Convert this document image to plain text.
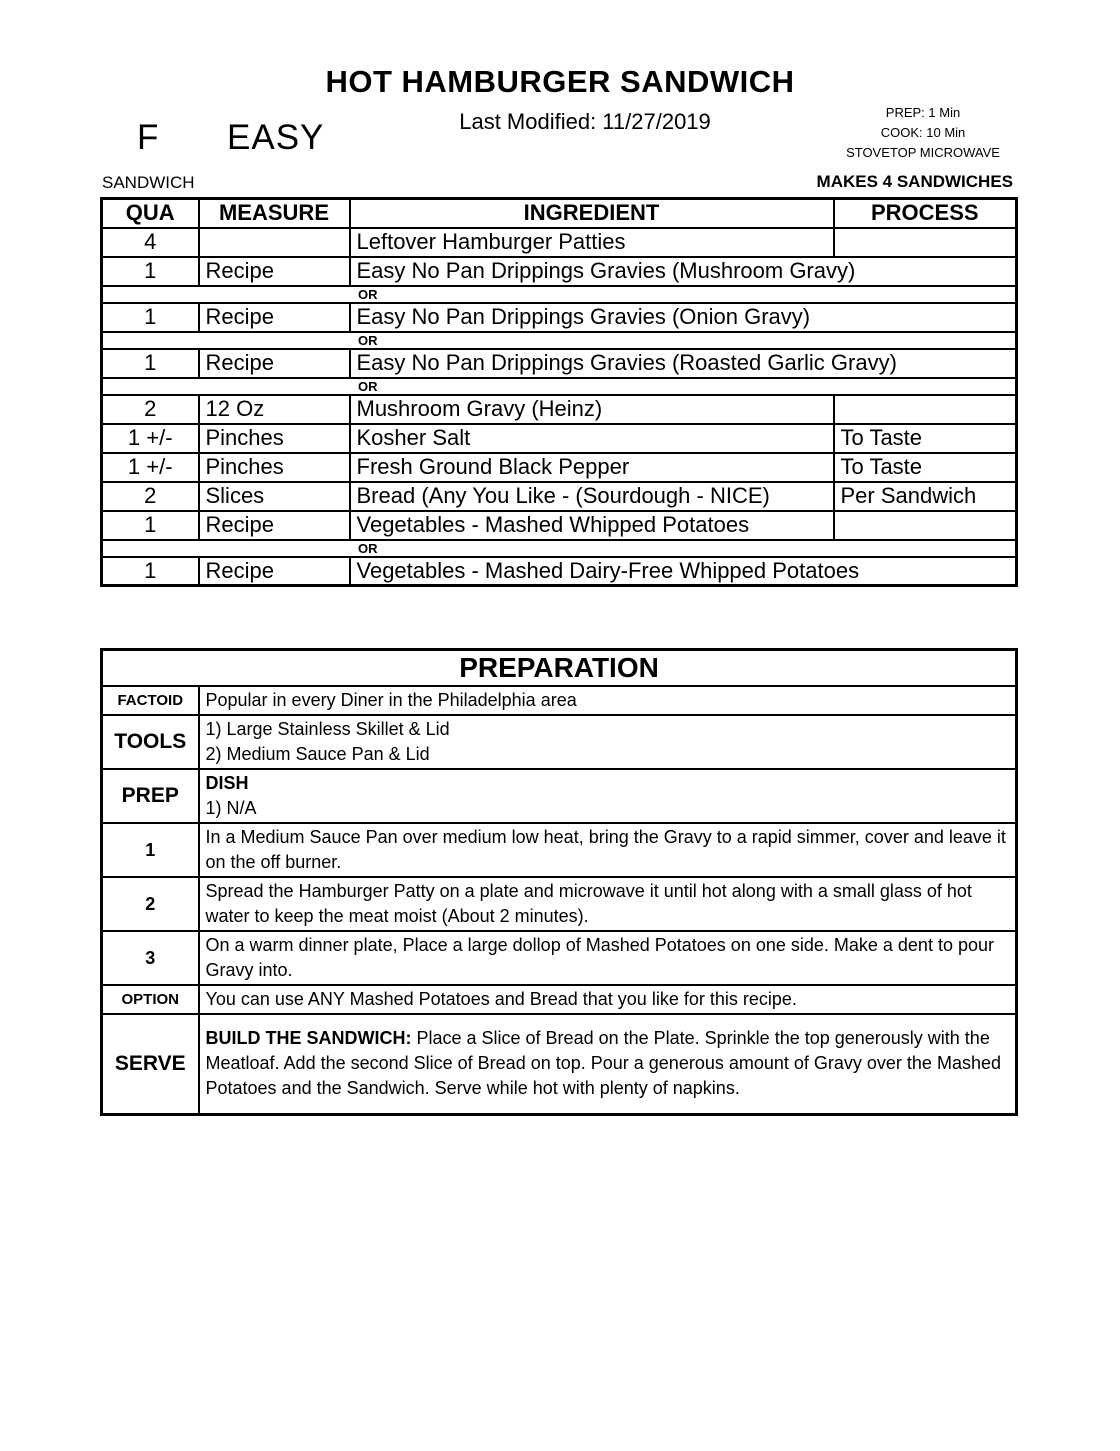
HOT HAMBURGER SANDWICH
Last Modified: 11/27/2019
F EASY
PREP: 1 Min
COOK: 10 Min
STOVETOP MICROWAVE
SANDWICH	MAKES 4 SANDWICHES
QUA	MEASURE	INGREDIENT	PROCESS
4		Leftover Hamburger Patties	
1	Recipe	Easy No Pan Drippings Gravies (Mushroom Gravy)	
OR			
1	Recipe	Easy No Pan Drippings Gravies (Onion Gravy)	
OR			
1	Recipe	Easy No Pan Drippings Gravies (Roasted Garlic Gravy)	
OR			
2	12 Oz	Mushroom Gravy (Heinz)	
1 +/-	Pinches	Kosher Salt	To Taste
1 +/-	Pinches	Fresh Ground Black Pepper	To Taste
2	Slices	Bread (Any You Like - (Sourdough - NICE)	Per Sandwich
1	Recipe	Vegetables - Mashed Whipped Potatoes	
OR			
1	Recipe	Vegetables - Mashed Dairy-Free Whipped Potatoes	
PREPARATION	
FACTOID	Popular in every Diner in the Philadelphia area
TOOLS	1) Large Stainless Skillet & Lid
2) Medium Sauce Pan & Lid

PREP	DISH
1) N/A

1	In a Medium Sauce Pan over medium low heat, bring the Gravy to a rapid simmer, cover and leave it on the off burner.
2	Spread the Hamburger Patty on a plate and microwave it until hot along with a small glass of hot water to keep the meat moist (About 2 minutes).
3	On a warm dinner plate, Place a large dollop of Mashed Potatoes on one side. Make a dent to pour Gravy into.
OPTION	You can use ANY Mashed Potatoes and Bread that you like for this recipe.
SERVE	BUILD THE SANDWICH: Place a Slice of Bread on the Plate. Sprinkle the top generously with the Meatloaf. Add the second Slice of Bread on top. Pour a generous amount of Gravy over the Mashed Potatoes and the Sandwich. Serve while hot with plenty of napkins.
